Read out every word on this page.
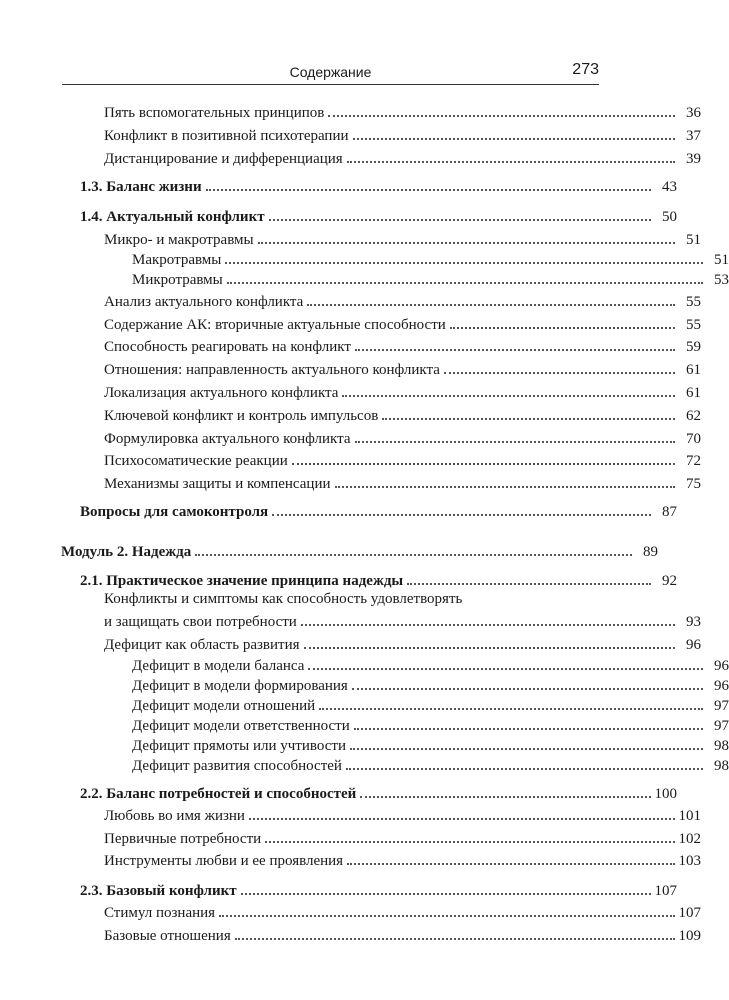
Содержание	273
Пять вспомогательных принципов	36
Конфликт в позитивной психотерапии	37
Дистанцирование и дифференциация	39
1.3. Баланс жизни	43
1.4. Актуальный конфликт	50
Микро- и макротравмы	51
Макротравмы	51
Микротравмы	53
Анализ актуального конфликта	55
Содержание АК: вторичные актуальные способности	55
Способность реагировать на конфликт	59
Отношения: направленность актуального конфликта	61
Локализация актуального конфликта	61
Ключевой конфликт и контроль импульсов	62
Формулировка актуального конфликта	70
Психосоматические реакции	72
Механизмы защиты и компенсации	75
Вопросы для самоконтроля	87
Модуль 2. Надежда	89
2.1. Практическое значение принципа надежды	92
Конфликты и симптомы как способность удовлетворять
и защищать свои потребности	93
Дефицит как область развития	96
Дефицит в модели баланса	96
Дефицит в модели формирования	96
Дефицит модели отношений	97
Дефицит модели ответственности	97
Дефицит прямоты или учтивости	98
Дефицит развития способностей	98
2.2. Баланс потребностей и способностей	100
Любовь во имя жизни	101
Первичные потребности	102
Инструменты любви и ее проявления	103
2.3. Базовый конфликт	107
Стимул познания	107
Базовые отношения	109
